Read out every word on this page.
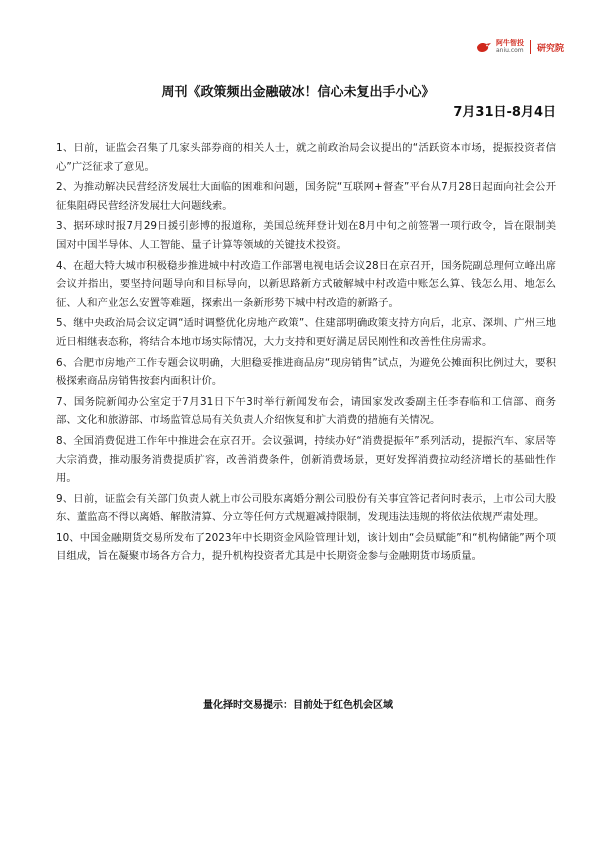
阿牛智投
aniu.com 研究院
周刊《政策频出金融破冰！信心未复出手小心》
7月31日-8月4日
1、日前，证监会召集了几家头部券商的相关人士，就之前政治局会议提出的“活跃资本市场，提振投资者信心”广泛征求了意见。
2、为推动解决民营经济发展壮大面临的困难和问题，国务院“互联网+督查”平台从7月28日起面向社会公开征集阻碍民营经济发展壮大问题线索。
3、据环球时报7月29日援引彭博的报道称，美国总统拜登计划在8月中旬之前签署一项行政令，旨在限制美国对中国半导体、人工智能、量子计算等领域的关键技术投资。
4、在超大特大城市积极稳步推进城中村改造工作部署电视电话会议28日在京召开，国务院副总理何立峰出席会议并指出，要坚持问题导向和目标导向，以新思路新方式破解城中村改造中账怎么算、钱怎么用、地怎么征、人和产业怎么安置等难题，探索出一条新形势下城中村改造的新路子。
5、继中央政治局会议定调“适时调整优化房地产政策”、住建部明确政策支持方向后，北京、深圳、广州三地近日相继表态称，将结合本地市场实际情况，大力支持和更好满足居民刚性和改善性住房需求。
6、合肥市房地产工作专题会议明确，大胆稳妥推进商品房“现房销售”试点，为避免公摊面积比例过大，要积极探索商品房销售按套内面积计价。
7、国务院新闻办公室定于7月31日下午3时举行新闻发布会，请国家发改委副主任李春临和工信部、商务部、文化和旅游部、市场监管总局有关负责人介绍恢复和扩大消费的措施有关情况。
8、全国消费促进工作年中推进会在京召开。会议强调，持续办好“消费提振年”系列活动，提振汽车、家居等大宗消费，推动服务消费提质扩容，改善消费条件，创新消费场景，更好发挥消费拉动经济增长的基础性作用。
9、日前，证监会有关部门负责人就上市公司股东离婚分割公司股份有关事宜答记者问时表示，上市公司大股东、董监高不得以离婚、解散清算、分立等任何方式规避减持限制，发现违法违规的将依法依规严肃处理。
10、中国金融期货交易所发布了2023年中长期资金风险管理计划，该计划由“会员赋能”和“机构储能”两个项目组成，旨在凝聚市场各方合力，提升机构投资者尤其是中长期资金参与金融期货市场质量。
量化择时交易提示：目前处于红色机会区域
